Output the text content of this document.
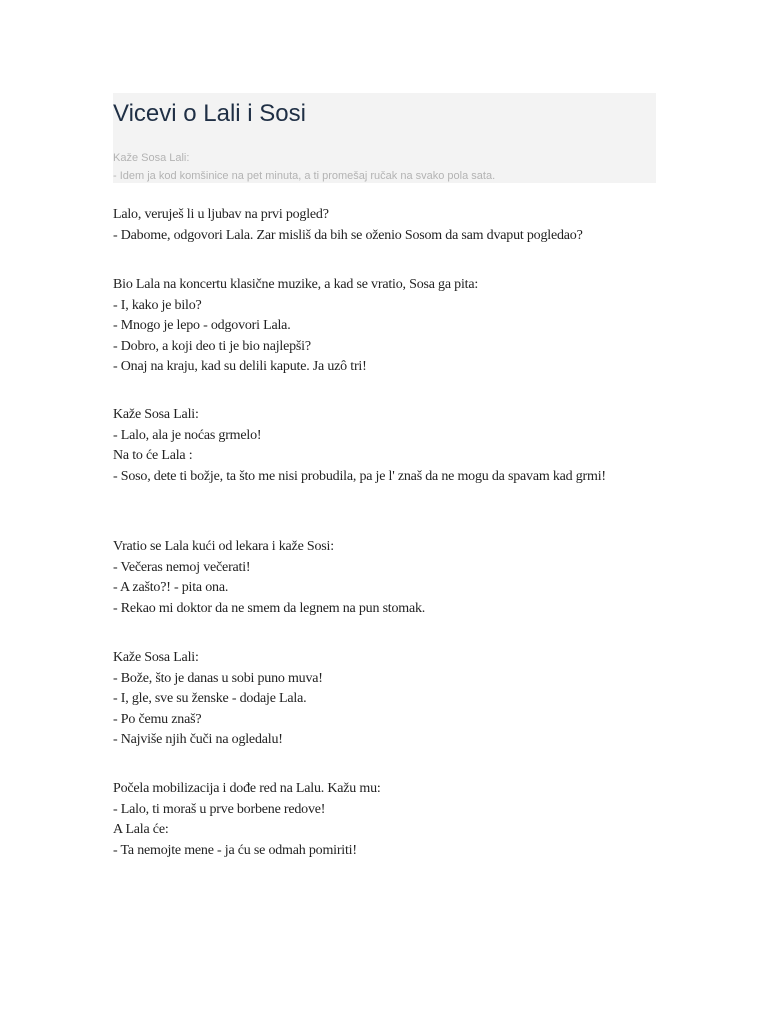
Vicevi o Lali i Sosi
Kaže Sosa Lali:
- Idem ja kod komšinice na pet minuta, a ti promešaj ručak na svako pola sata.
Lalo, veruješ li u ljubav na prvi pogled?
- Dabome, odgovori Lala. Zar misliš da bih se oženio Sosom da sam dvaput pogledao?
Bio Lala na koncertu klasične muzike, a kad se vratio, Sosa ga pita:
- I, kako je bilo?
- Mnogo je lepo - odgovori Lala.
- Dobro, a koji deo ti je bio najlepši?
- Onaj na kraju, kad su delili kapute. Ja uzô tri!
Kaže Sosa Lali:
- Lalo, ala je noćas grmelo!
Na to će Lala :
- Soso, dete ti božje, ta što me nisi probudila, pa je l' znaš da ne mogu da spavam kad grmi!
Vratio se Lala kući od lekara i kaže Sosi:
- Večeras nemoj večerati!
- A zašto?! - pita ona.
- Rekao mi doktor da ne smem da legnem na pun stomak.
Kaže Sosa Lali:
- Bože, što je danas u sobi puno muva!
- I, gle, sve su ženske - dodaje Lala.
- Po čemu znaš?
- Najviše njih čuči na ogledalu!
Počela mobilizacija i dođe red na Lalu. Kažu mu:
- Lalo, ti moraš u prve borbene redove!
A Lala će:
- Ta nemojte mene - ja ću se odmah pomiriti!
